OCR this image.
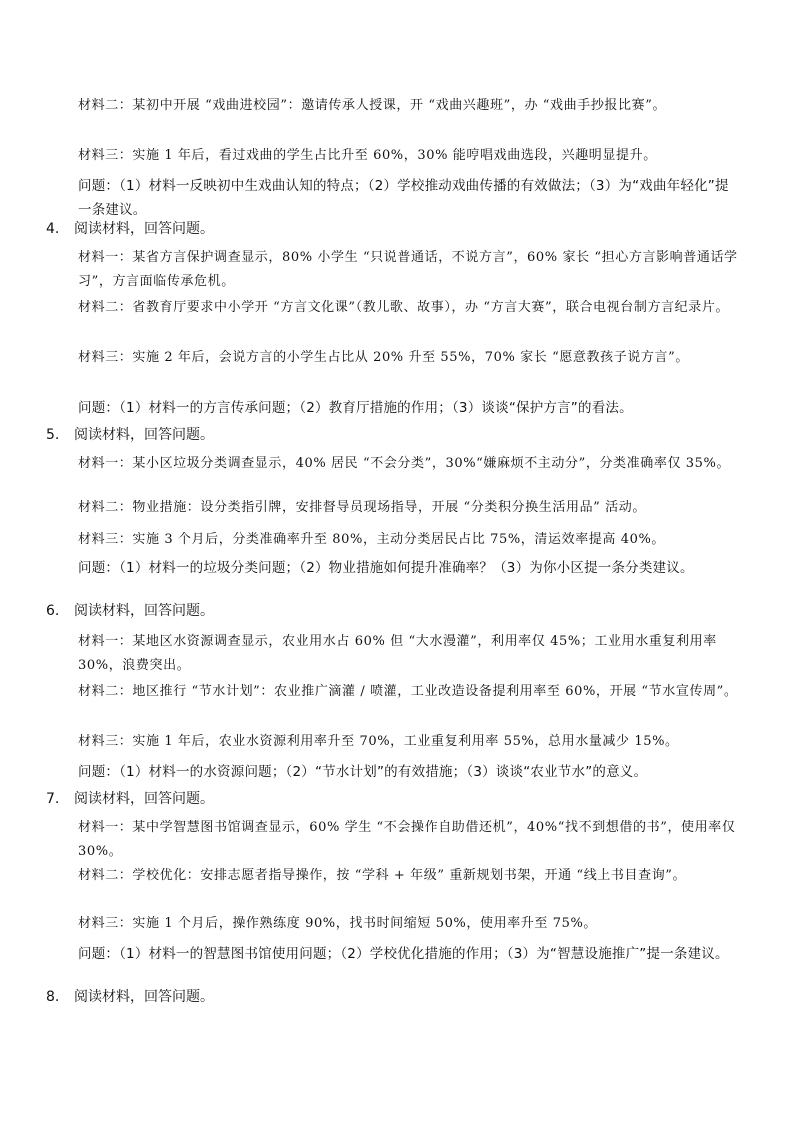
材料二：某初中开展 “戏曲进校园”：邀请传承人授课，开 “戏曲兴趣班”，办 “戏曲手抄报比赛”。
材料三：实施 1 年后，看过戏曲的学生占比升至 60%，30% 能哼唱戏曲选段，兴趣明显提升。
问题：（1）材料一反映初中生戏曲认知的特点；（2）学校推动戏曲传播的有效做法；（3）为“戏曲年轻化”提一条建议。
4. 阅读材料，回答问题。
材料一：某省方言保护调查显示，80% 小学生 “只说普通话，不说方言”，60% 家长 “担心方言影响普通话学习”，方言面临传承危机。
材料二：省教育厅要求中小学开 “方言文化课”（教儿歌、故事），办 “方言大赛”，联合电视台制方言纪录片。
材料三：实施 2 年后，会说方言的小学生占比从 20% 升至 55%，70% 家长 “愿意教孩子说方言”。
问题：（1）材料一的方言传承问题；（2）教育厅措施的作用；（3）谈谈“保护方言”的看法。
5. 阅读材料，回答问题。
材料一：某小区垃圾分类调查显示，40% 居民 “不会分类”，30%“嫌麻烦不主动分”，分类准确率仅 35%。
材料二：物业措施：设分类指引牌，安排督导员现场指导，开展 “分类积分换生活用品” 活动。
材料三：实施 3 个月后，分类准确率升至 80%，主动分类居民占比 75%，清运效率提高 40%。
问题：（1）材料一的垃圾分类问题；（2）物业措施如何提升准确率？（3）为你小区提一条分类建议。
6. 阅读材料，回答问题。
材料一：某地区水资源调查显示，农业用水占 60% 但 “大水漫灌”，利用率仅 45%；工业用水重复利用率 30%，浪费突出。
材料二：地区推行 “节水计划”：农业推广滴灌 / 喷灌，工业改造设备提利用率至 60%，开展 “节水宣传周”。
材料三：实施 1 年后，农业水资源利用率升至 70%，工业重复利用率 55%，总用水量减少 15%。
问题：（1）材料一的水资源问题；（2）“节水计划”的有效措施；（3）谈谈“农业节水”的意义。
7. 阅读材料，回答问题。
材料一：某中学智慧图书馆调查显示，60% 学生 “不会操作自助借还机”，40%“找不到想借的书”，使用率仅 30%。
材料二：学校优化：安排志愿者指导操作，按 “学科 + 年级” 重新规划书架，开通 “线上书目查询”。
材料三：实施 1 个月后，操作熟练度 90%，找书时间缩短 50%，使用率升至 75%。
问题：（1）材料一的智慧图书馆使用问题；（2）学校优化措施的作用；（3）为“智慧设施推广”提一条建议。
8. 阅读材料，回答问题。
